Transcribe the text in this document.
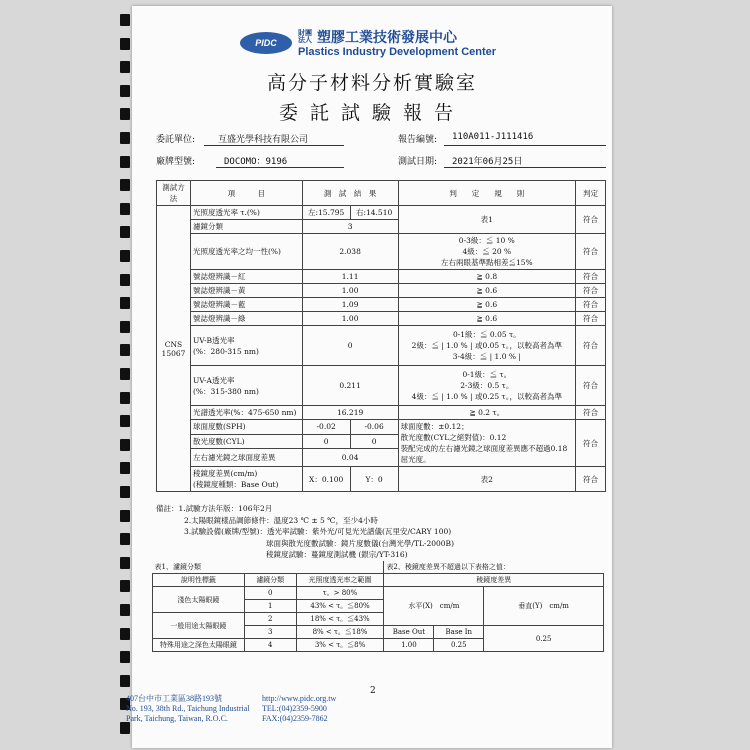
PIDC
財團法人 塑膠工業技術發展中心
Plastics Industry Development Center
高分子材料分析實驗室
委託試驗報告
委託單位:	互盛光學科技有限公司	報告編號: 110A011-J111416
廠牌型號:	DOCOMO：9196	測試日期: 2021年06月25日
測試方法	項　　　目	測　試　結　果		判　　定　　規　　則	判定
CNS 15067	光照度透光率 τ.(%)	左:15.795	右:14.510	表1	符合
	濾鏡分類	3			
	光照度透光率之均一性(%)	2.038		0-3級：≦ 10 %
4級：≦ 20 %
左右兩眼基準點相差≦15%	符合
	號誌燈辨識－紅	1.11		≧ 0.8	符合
	號誌燈辨識－黃	1.00		≧ 0.6	符合
	號誌燈辨識－藍	1.09		≧ 0.6	符合
	號誌燈辨識－綠	1.00		≧ 0.6	符合
	UV-B透光率
(%：280-315 nm)	0		0-1級：≦ 0.05 τ。
2級：≦ | 1.0 % | 或0.05 τ。，以較高者為準
3-4級：≦ | 1.0 % |	符合
	UV-A透光率
(%：315-380 nm)	0.211		0-1級：≦ τ。
2-3級：0.5 τ。
4級：≦ | 1.0 % | 或0.25 τ。，以較高者為準	符合
	光譜透光率(%：475-650 nm)	16.219		≧ 0.2 τ。	符合
	球面度數(SPH)	-0.02	-0.06	球面度數：±0.12；
散光度數(CYL之絕對值)：0.12
裝配完成的左右濾光鏡之球面度差異應不超過0.18屈光度。	符合
	散光度數(CYL)	0	0		
	左右濾光鏡之球面度差異	0.04			
	稜鏡度差異(cm/m)
(稜鏡度種類：Base Out)	X：0.100	Y：0	表2	符合
備註：1.試驗方法年版：106年2月
2.太陽眼鏡樣品調節條件：溫度23 ℃ ± 5 ℃，至少4小時
3.試驗設備(廠牌/型號)：透光率試驗：紫外光/可見光光譜儀(瓦里安/CARY 100)
球面與散光度數試驗：鏡片度數儀(台灣光學/TL-2000B)
稜鏡度試驗：蔓鏡度測試機 (銀宗/YT-316)
表1、濾鏡分類			表2、稜鏡度差異不超過以下表格之值：		
說明性標籤	濾鏡分類	光照度透光率之範圍	稜鏡度差異		
淺色太陽眼鏡	0	τ。> 80%	水平(X)　cm/m		垂直(Y)　cm/m
	1	43% < τ。≦80%			
一般用途太陽眼鏡	2	18% < τ。≦43%			
	3	8% < τ。≦18%	Base Out	Base In	0.25
特殊用途之深色太陽眼鏡	4	3% < τ。≦8%	1.00	0.25	
2
407台中市工業區38路193號
No. 193, 38th Rd., Taichung Industrial
Park, Taichung, Taiwan, R.O.C.
http://www.pidc.org.tw
TEL:(04)2359-5900
FAX:(04)2359-7862
